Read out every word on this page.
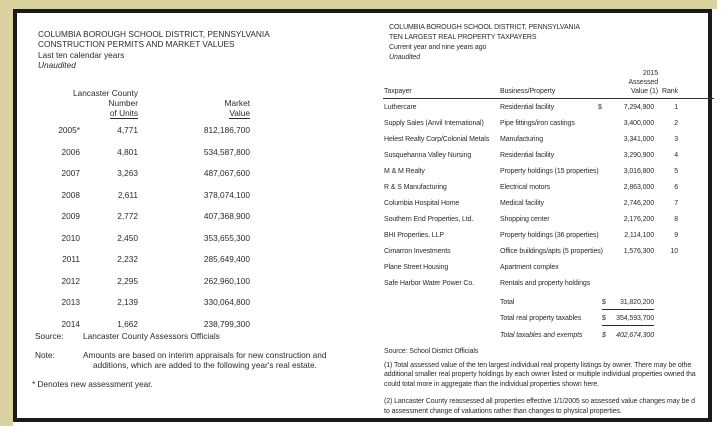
COLUMBIA BOROUGH SCHOOL DISTRICT, PENNSYLVANIA
CONSTRUCTION PERMITS AND MARKET VALUES
Last ten calendar years
Unaudited
Lancaster County
Number	Market
of Units	Value
2005*	4,771	812,186,700
2006	4,801	534,587,800
2007	3,263	487,067,600
2008	2,611	378,074,100
2009	2,772	407,368,900
2010	2,450	353,655,300
2011	2,232	285,649,400
2012	2,295	262,960,100
2013	2,139	330,064,800
2014	1,662	238,799,300
Source:	Lancaster County Assessors Officials
Note:	Amounts are based on interim appraisals for new construction and
additions, which are added to the following year's real estate.
* Denotes new assessment year.
COLUMBIA BOROUGH SCHOOL DISTRICT, PENNSYLVANIA
TEN LARGEST REAL PROPERTY TAXPAYERS
Current year and nine years ago
Unaudited
2015
Assessed
Value (1)
Taxpayer	Business/Property	Rank
Luthercare	Residential facility	$	7,294,900	1
Supply Sales (Anvil International)	Pipe fittings/iron castings	3,400,000	2
Helest Realty Corp/Colonial Metals	Manufacturing	3,341,000	3
Susquehanna Valley Nursing	Residential facility	3,290,900	4
M & M Realty	Property holdings (15 properties)	3,016,800	5
R & S Manufacturing	Electrical motors	2,863,000	6
Columbia Hospital Home	Medical facility	2,746,200	7
Southern End Properties, Ltd.	Shopping center	2,176,200	8
BHI Properties, LLP	Property holdings (36 properties)	2,114,100	9
Cimarron Investments	Office buildings/apts (5 properties)	1,576,300	10
Plane Street Housing	Apartment complex
Safe Harbor Water Power Co.	Rentals and property holdings
Total	$ 31,820,200
Total real property taxables	$ 354,593,700
Total taxables and exempts	$ 402,674,300
Source: School District Officials
(1) Total assessed value of the ten largest individual real property listings by owner. There may be othe
additional smaller real property holdings by each owner listed or multiple individual properties owned tha
could total more in aggregate than the individual properties shown here.
(2) Lancaster County reassessed all properties effective 1/1/2005 so assessed value changes may be d
to assessment change of valuations rather than changes to physical properties.
